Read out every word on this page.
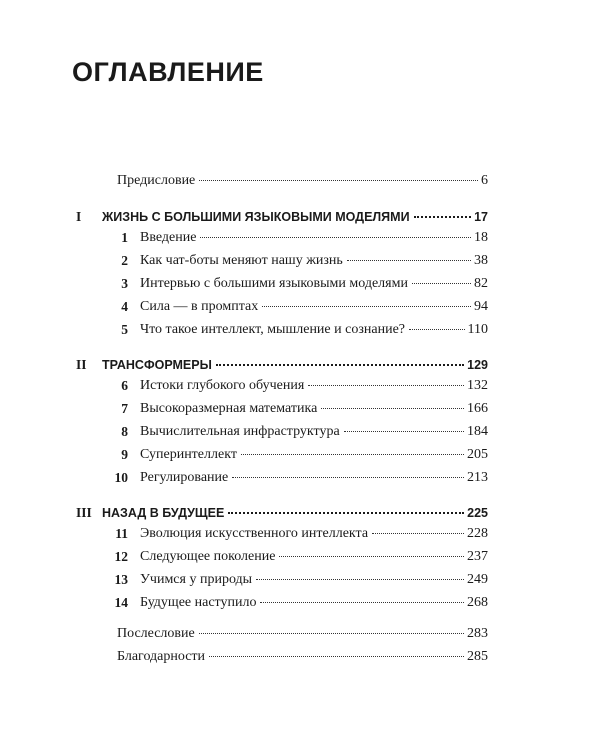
ОГЛАВЛЕНИЕ
Предисловие	6
I ЖИЗНЬ С БОЛЬШИМИ ЯЗЫКОВЫМИ МОДЕЛЯМИ	17
1 Введение	18
2 Как чат-боты меняют нашу жизнь	38
3 Интервью с большими языковыми моделями	82
4 Сила — в промптах	94
5 Что такое интеллект, мышление и сознание?	110
II ТРАНСФОРМЕРЫ	129
6 Истоки глубокого обучения	132
7 Высокоразмерная математика	166
8 Вычислительная инфраструктура	184
9 Суперинтеллект	205
10 Регулирование	213
III НАЗАД В БУДУЩЕЕ	225
11 Эволюция искусственного интеллекта	228
12 Следующее поколение	237
13 Учимся у природы	249
14 Будущее наступило	268
Послесловие	283
Благодарности	285
